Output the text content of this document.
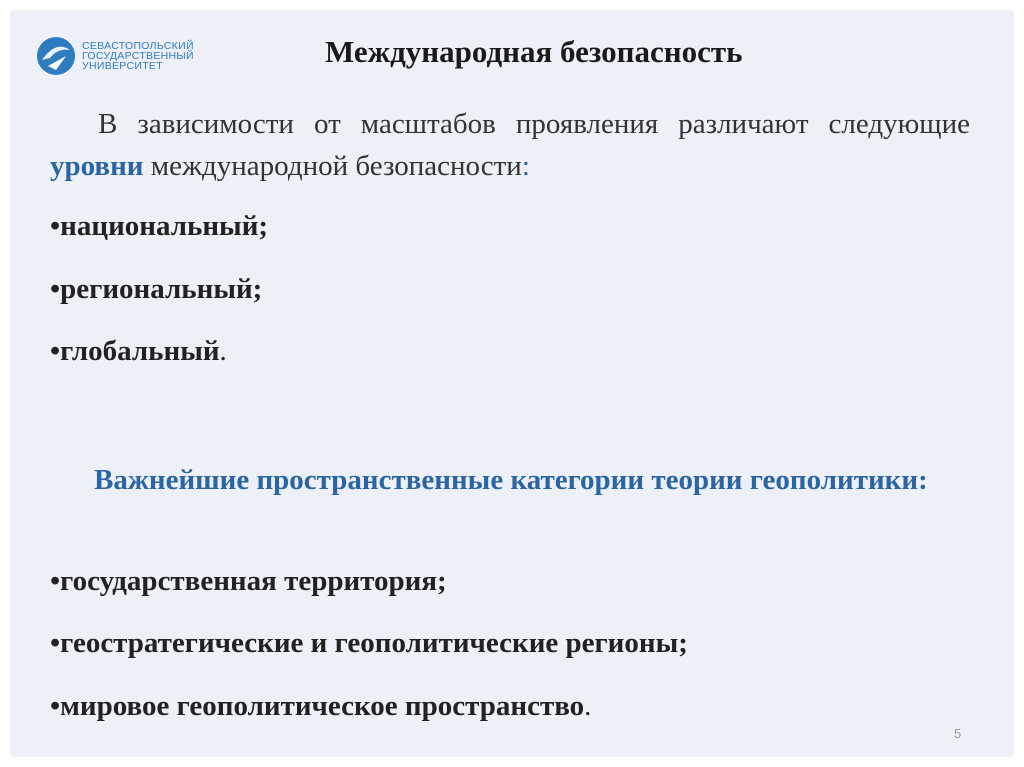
СЕВАСТОПОЛЬСКИЙ
ГОСУДАРСТВЕННЫЙ
УНИВЕРСИТЕТ	Международная безопасность
В зависимости от масштабов проявления различают следующие уровни международной безопасности:
•национальный;
•региональный;
•глобальный.
Важнейшие пространственные категории теории геополитики:
•государственная территория;
•геостратегические и геополитические регионы;
•мировое геополитическое пространство.
5
